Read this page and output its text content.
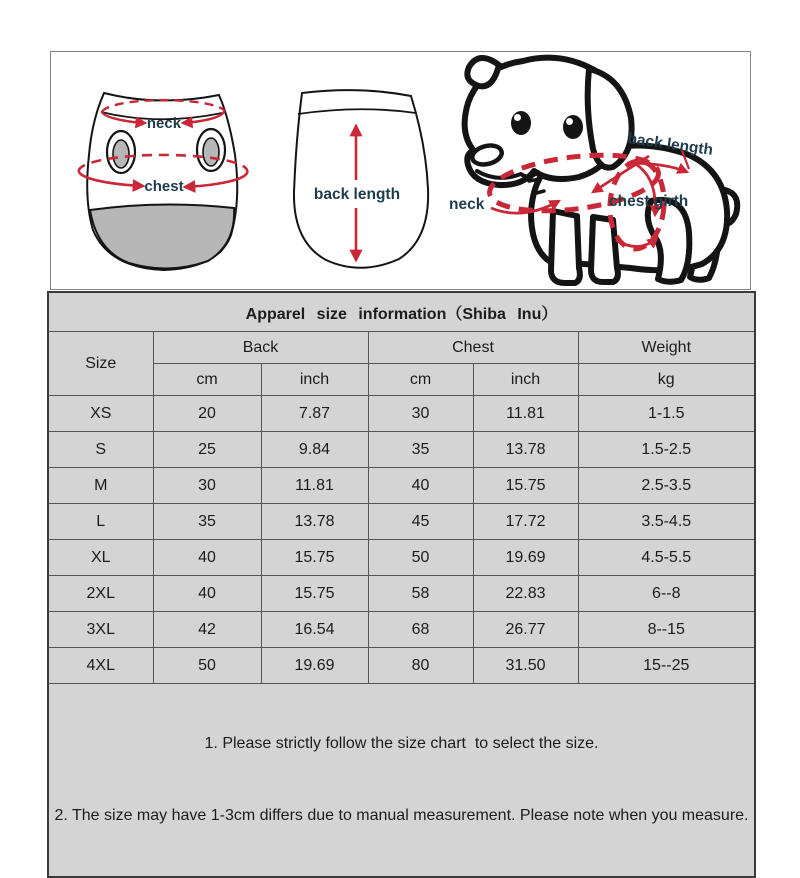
neck
chest	back length
neck
back length
chest girth
Apparel size information（Shiba Inu）					
Size	Back		Chest		Weight
	cm	inch	cm	inch	kg
XS	20	7.87	30	11.81	1-1.5
S	25	9.84	35	13.78	1.5-2.5
M	30	11.81	40	15.75	2.5-3.5
L	35	13.78	45	17.72	3.5-4.5
XL	40	15.75	50	19.69	4.5-5.5
2XL	40	15.75	58	22.83	6--8
3XL	42	16.54	68	26.77	8--15
4XL	50	19.69	80	31.50	15--25

1. Please strictly follow the size chart  to select the size.

2. The size may have 1-3cm differs due to manual measurement. Please note when you measure.					
